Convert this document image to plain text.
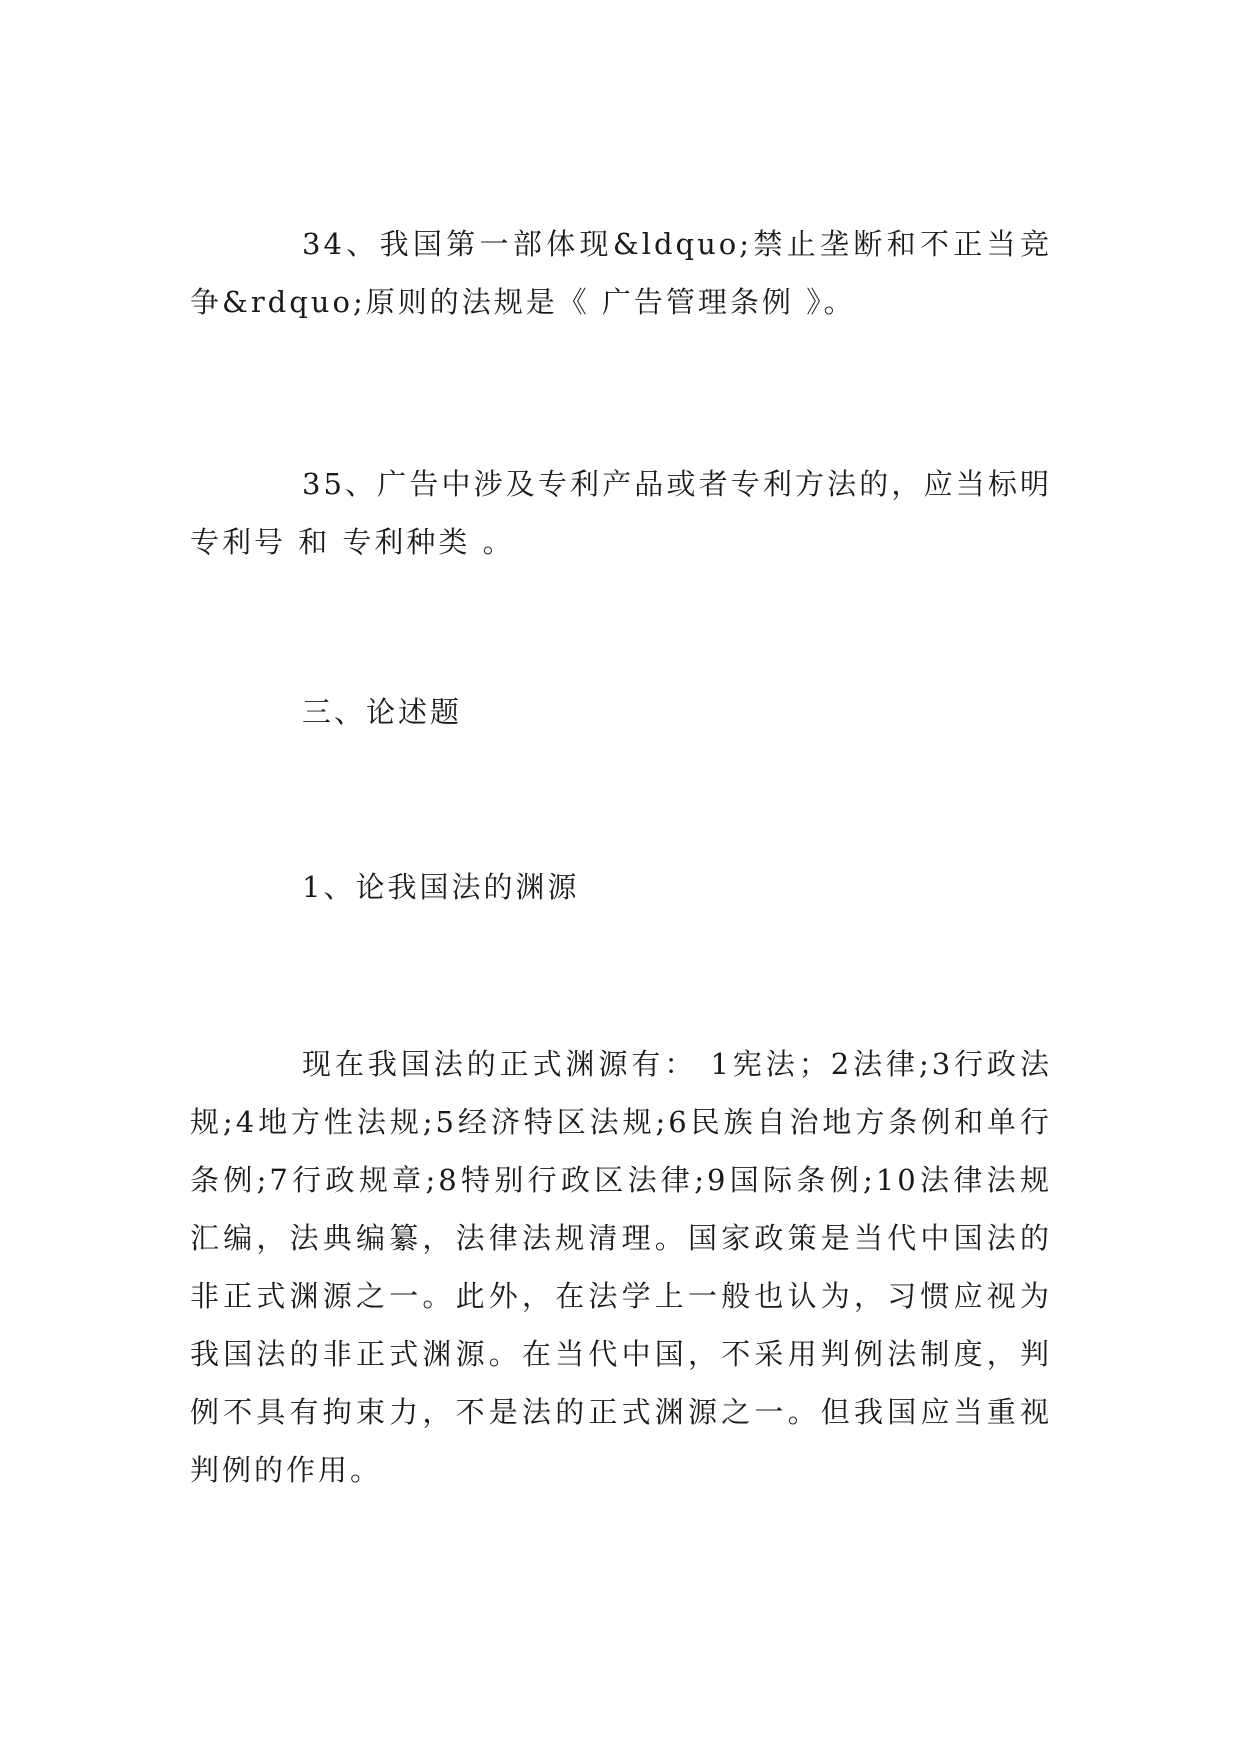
34、我国第一部体现&ldquo;禁止垄断和不正当竞争&rdquo;原则的法规是《 广告管理条例 》。

35、广告中涉及专利产品或者专利方法的，应当标明专利号 和 专利种类 。

三、论述题

1、论我国法的渊源

现在我国法的正式渊源有： 1宪法；2法律;3行政法规;4地方性法规;5经济特区法规;6民族自治地方条例和单行条例;7行政规章;8特别行政区法律;9国际条例;10法律法规汇编，法典编纂，法律法规清理。国家政策是当代中国法的非正式渊源之一。此外，在法学上一般也认为，习惯应视为我国法的非正式渊源。在当代中国，不采用判例法制度，判例不具有拘束力，不是法的正式渊源之一。但我国应当重视判例的作用。
